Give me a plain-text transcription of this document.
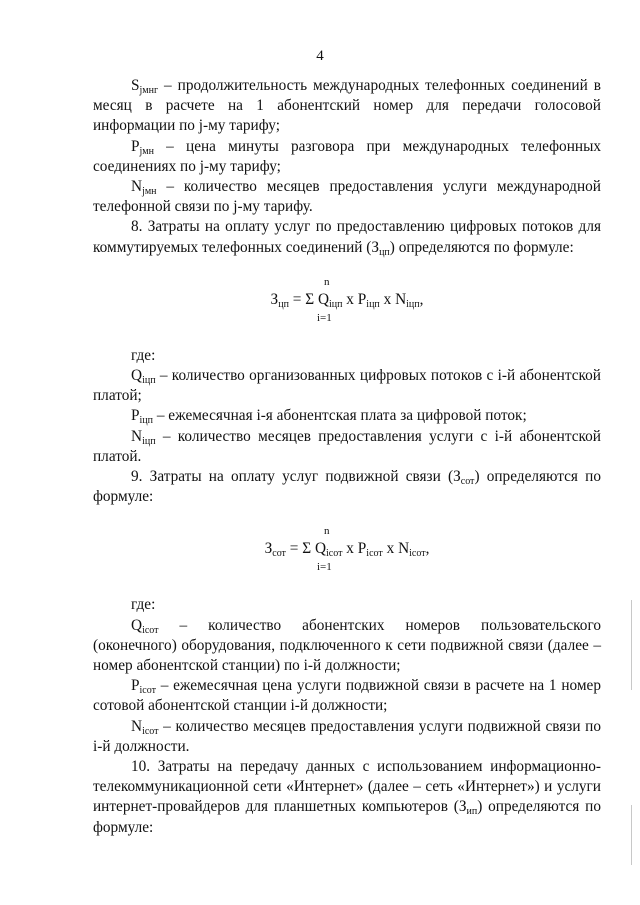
4

$S_{jмнг}$ – продолжительность международных телефонных соединений в месяц в расчете на 1 абонентский номер для передачи голосовой информации по j-му тарифу;

$P_{jмн}$ – цена минуты разговора при международных телефонных соединениях по j-му тарифу;

$N_{jмн}$ – количество месяцев предоставления услуги международной телефонной связи по j-му тарифу.

8. Затраты на оплату услуг по предоставлению цифровых потоков для коммутируемых телефонных соединений $(З_{цп})$ определяются по формуле:

n
i=1
$З_{цп} = \Sigma$ $Q_{iцп}$ x $P_{iцп}$ x $N_{iцп}$,

где:

$Q_{iцп}$ – количество организованных цифровых потоков с i-й абонентской платой;

$P_{iцп}$ – ежемесячная i-я абонентская плата за цифровой поток;

$N_{iцп}$ – количество месяцев предоставления услуги с i-й абонентской платой.

9. Затраты на оплату услуг подвижной связи $(З_{сот})$ определяются по формуле:

n
i=1
$З_{сот} = \Sigma$ $Q_{iсот}$ x $P_{iсот}$ x $N_{iсот}$,

где:

$Q_{iсот}$ – количество абонентских номеров пользовательского (оконечного) оборудования, подключенного к сети подвижной связи (далее – номер абонентской станции) по i-й должности;

$P_{iсот}$ – ежемесячная цена услуги подвижной связи в расчете на 1 номер сотовой абонентской станции i-й должности;

$N_{iсот}$ – количество месяцев предоставления услуги подвижной связи по i-й должности.

10. Затраты на передачу данных с использованием информационно-телекоммуникационной сети «Интернет» (далее – сеть «Интернет») и услуги интернет-провайдеров для планшетных компьютеров $(З_{ип})$ определяются по формуле:
